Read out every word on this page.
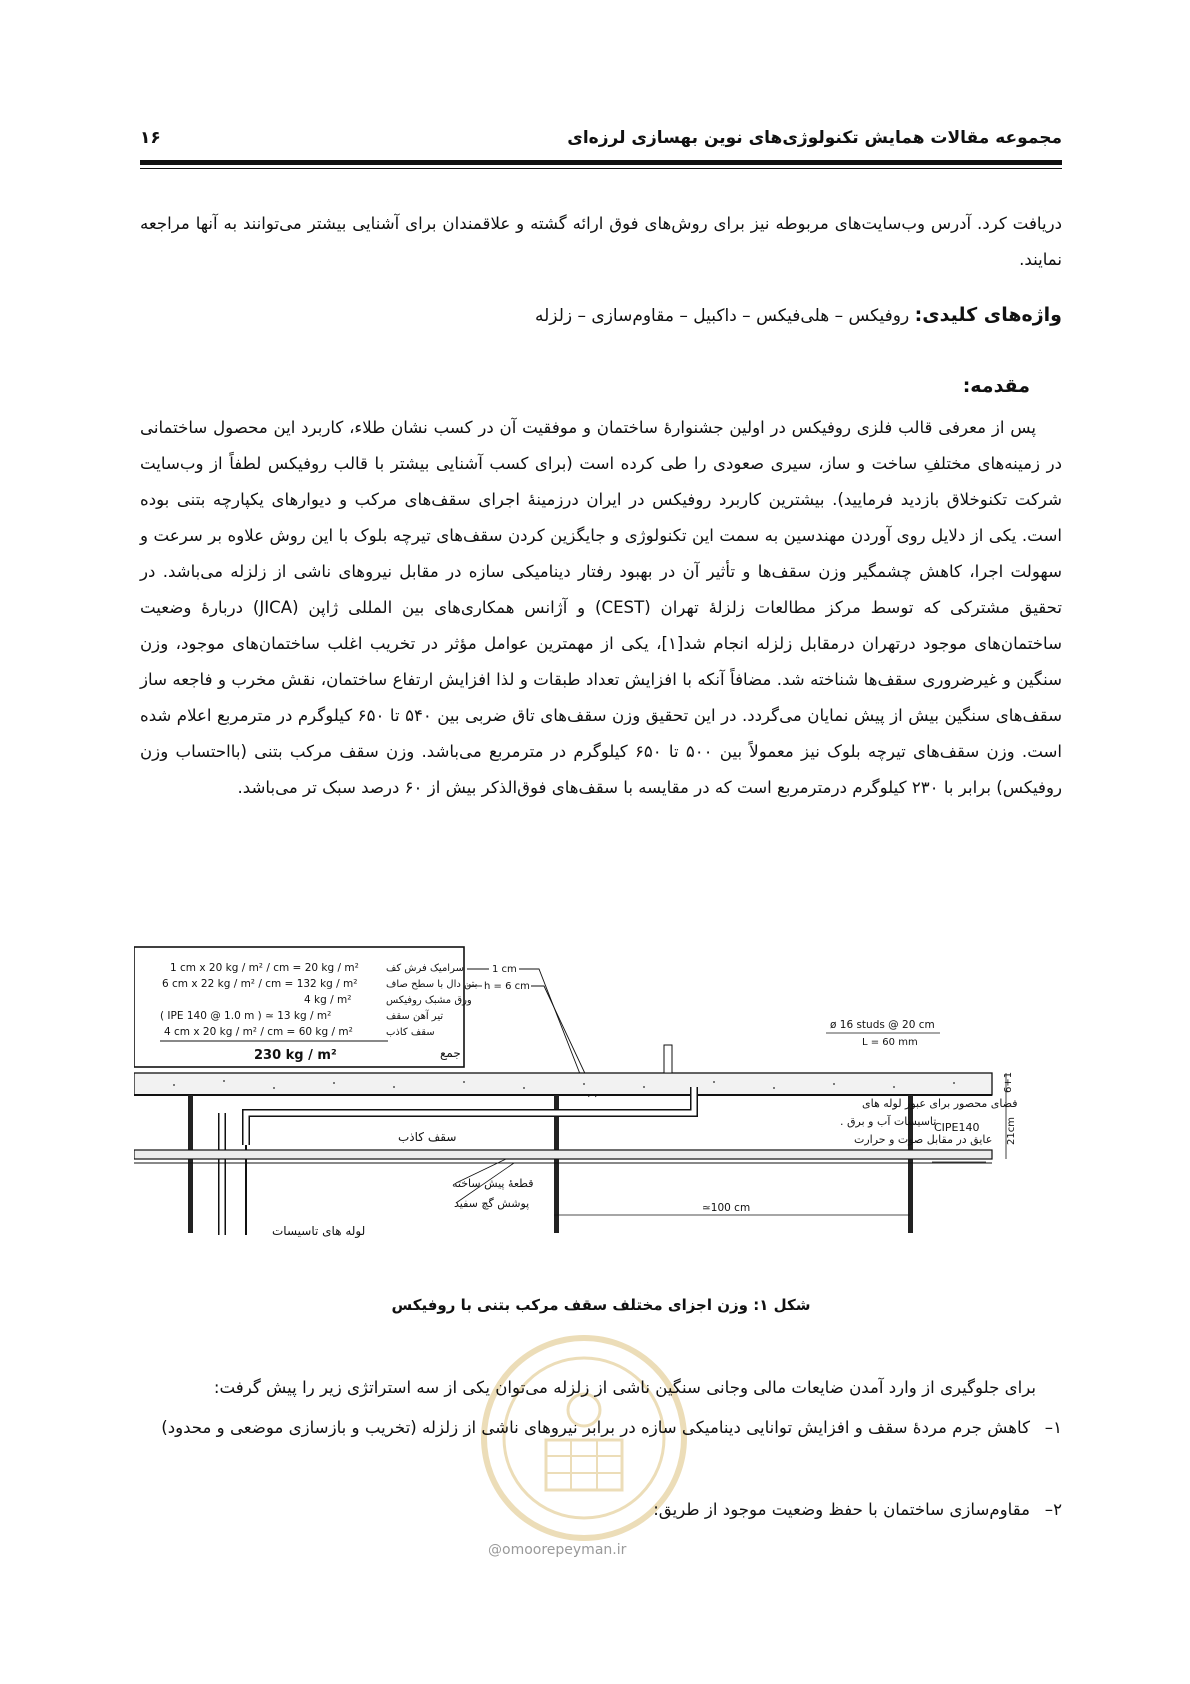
مجموعه مقالات همایش تکنولوژی‌های نوین بهسازی لرزه‌ای
۱۶
دریافت کرد. آدرس وب‌سایت‌های مربوطه نیز برای روش‌های فوق ارائه گشته و علاقمندان برای آشنایی بیشتر می‌توانند به آنها مراجعه نمایند.
واژه‌های کلیدی: روفیکس – هلی‌فیکس – داکبیل – مقاوم‌سازی – زلزله
مقدمه:
پس از معرفی قالب فلزی روفیکس در اولین جشنوارهٔ ساختمان و موفقیت آن در کسب نشان طلاء، کاربرد این محصول ساختمانی در زمینه‌های مختلفِ ساخت و ساز، سیری صعودی را طی کرده است (برای کسب آشنایی بیشتر با قالب روفیکس لطفاً از وب‌سایت شرکت تکنوخلاق بازدید فرمایید). بیشترین کاربرد روفیکس در ایران درزمینهٔ اجرای سقف‌های مرکب و دیوارهای یکپارچه بتنی بوده است. یکی از دلایل روی آوردن مهندسین به سمت این تکنولوژی و جایگزین کردن سقف‌های تیرچه بلوک با این روش علاوه بر سرعت و سهولت اجرا، کاهش چشمگیر وزن سقف‌ها و تأثیر آن در بهبود رفتار دینامیکی سازه در مقابل نیروهای ناشی از زلزله می‌باشد. در تحقیق مشترکی که توسط مرکز مطالعات زلزلهٔ تهران (CEST) و آژانس همکاری‌های بین المللی ژاپن (JICA) دربارهٔ وضعیت ساختمان‌های موجود درتهران درمقابل زلزله انجام شد[۱]، یکی از مهمترین عوامل مؤثر در تخریب اغلب ساختمان‌های موجود، وزن سنگین و غیرضروری سقف‌ها شناخته شد. مضافاً آنکه با افزایش تعداد طبقات و لذا افزایش ارتفاع ساختمان، نقش مخرب و فاجعه ساز سقف‌های سنگین بیش از پیش نمایان می‌گردد. در این تحقیق وزن سقف‌های تاق ضربی بین ۵۴۰ تا ۶۵۰ کیلوگرم در مترمربع اعلام شده است. وزن سقف‌های تیرچه بلوک نیز معمولاً بین ۵۰۰ تا ۶۵۰ کیلوگرم در مترمربع می‌باشد. وزن سقف مرکب بتنی (بااحتساب وزن روفیکس) برابر با ۲۳۰ کیلوگرم درمترمربع است که در مقایسه با سقف‌های فوق‌الذکر بیش از ۶۰ درصد سبک تر می‌باشد.
1 cm x 20 kg / m² / cm = 20 kg / m²	سرامیک فرش کف
6 cm x 22 kg / m² / cm = 132 kg / m²	بتن دال با سطح صاف
4 kg / m²	ورق مشبک روفیکس
( IPE 140 @ 1.0 m ) ≃ 13 kg / m²	تیر آهن سقف
4 cm x 20 kg / m² / cm = 60 kg / m²	سقف کاذب
230 kg / m²	جمع
1 cm
h = 6 cm
ø 16 studs @ 20 cm
L = 60 mm
فضای محصور برای عبور لوله های
تاسیسات آب و برق .
عایق در مقابل صوت و حرارت
CIPE140
سقف کاذب
6+1
21cm
قطعهٔ پیش ساخته
پوشش گچ سفید
لوله های تاسیسات
≃100 cm
شکل ۱: وزن اجزای مختلف سقف مرکب بتنی با روفیکس
@omoorepeyman.ir
برای جلوگیری از وارد آمدن ضایعات مالی وجانی سنگین ناشی از زلزله می‌توان یکی از سه استراتژی زیر را پیش گرفت:
۱–کاهش جرم مردهٔ سقف و افزایش توانایی دینامیکی سازه در برابر نیروهای ناشی از زلزله (تخریب و بازسازی موضعی و محدود)
۲–مقاوم‌سازی ساختمان با حفظ وضعیت موجود از طریق:
